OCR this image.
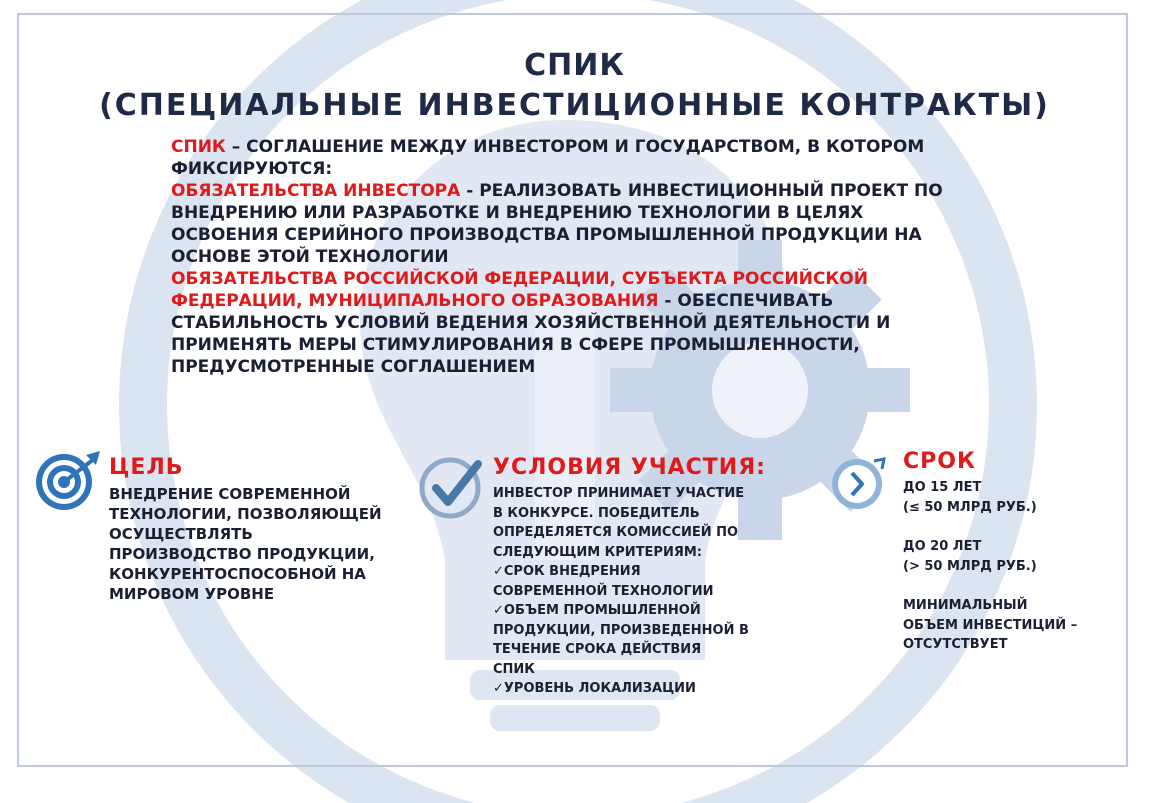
СПИК
(СПЕЦИАЛЬНЫЕ ИНВЕСТИЦИОННЫЕ КОНТРАКТЫ)

СПИК – СОГЛАШЕНИЕ МЕЖДУ ИНВЕСТОРОМ И ГОСУДАРСТВОМ, В КОТОРОМ ФИКСИРУЮТСЯ:

ОБЯЗАТЕЛЬСТВА ИНВЕСТОРА - РЕАЛИЗОВАТЬ ИНВЕСТИЦИОННЫЙ ПРОЕКТ ПО ВНЕДРЕНИЮ ИЛИ РАЗРАБОТКЕ И ВНЕДРЕНИЮ ТЕХНОЛОГИИ В ЦЕЛЯХ ОСВОЕНИЯ СЕРИЙНОГО ПРОИЗВОДСТВА ПРОМЫШЛЕННОЙ ПРОДУКЦИИ НА ОСНОВЕ ЭТОЙ ТЕХНОЛОГИИ

ОБЯЗАТЕЛЬСТВА РОССИЙСКОЙ ФЕДЕРАЦИИ, СУБЪЕКТА РОССИЙСКОЙ ФЕДЕРАЦИИ, МУНИЦИПАЛЬНОГО ОБРАЗОВАНИЯ - ОБЕСПЕЧИВАТЬ СТАБИЛЬНОСТЬ УСЛОВИЙ ВЕДЕНИЯ ХОЗЯЙСТВЕННОЙ ДЕЯТЕЛЬНОСТИ И ПРИМЕНЯТЬ МЕРЫ СТИМУЛИРОВАНИЯ В СФЕРЕ ПРОМЫШЛЕННОСТИ, ПРЕДУСМОТРЕННЫЕ СОГЛАШЕНИЕМ

ЦЕЛЬ
ВНЕДРЕНИЕ СОВРЕМЕННОЙ
ТЕХНОЛОГИИ, ПОЗВОЛЯЮЩЕЙ
ОСУЩЕСТВЛЯТЬ
ПРОИЗВОДСТВО ПРОДУКЦИИ,
КОНКУРЕНТОСПОСОБНОЙ НА
МИРОВОМ УРОВНЕ
УСЛОВИЯ УЧАСТИЯ:
ИНВЕСТОР ПРИНИМАЕТ УЧАСТИЕ
В КОНКУРСЕ. ПОБЕДИТЕЛЬ
ОПРЕДЕЛЯЕТСЯ КОМИССИЕЙ ПО
СЛЕДУЮЩИМ КРИТЕРИЯМ:
✓СРОК ВНЕДРЕНИЯ
СОВРЕМЕННОЙ ТЕХНОЛОГИИ
✓ОБЪЕМ ПРОМЫШЛЕННОЙ
ПРОДУКЦИИ, ПРОИЗВЕДЕННОЙ В
ТЕЧЕНИЕ СРОКА ДЕЙСТВИЯ
СПИК
✓УРОВЕНЬ ЛОКАЛИЗАЦИИ
СРОК
ДО 15 ЛЕТ
(≤ 50 МЛРД РУБ.)
ДО 20 ЛЕТ
(> 50 МЛРД РУБ.)
МИНИМАЛЬНЫЙ
ОБЪЕМ ИНВЕСТИЦИЙ –
ОТСУТСТВУЕТ
